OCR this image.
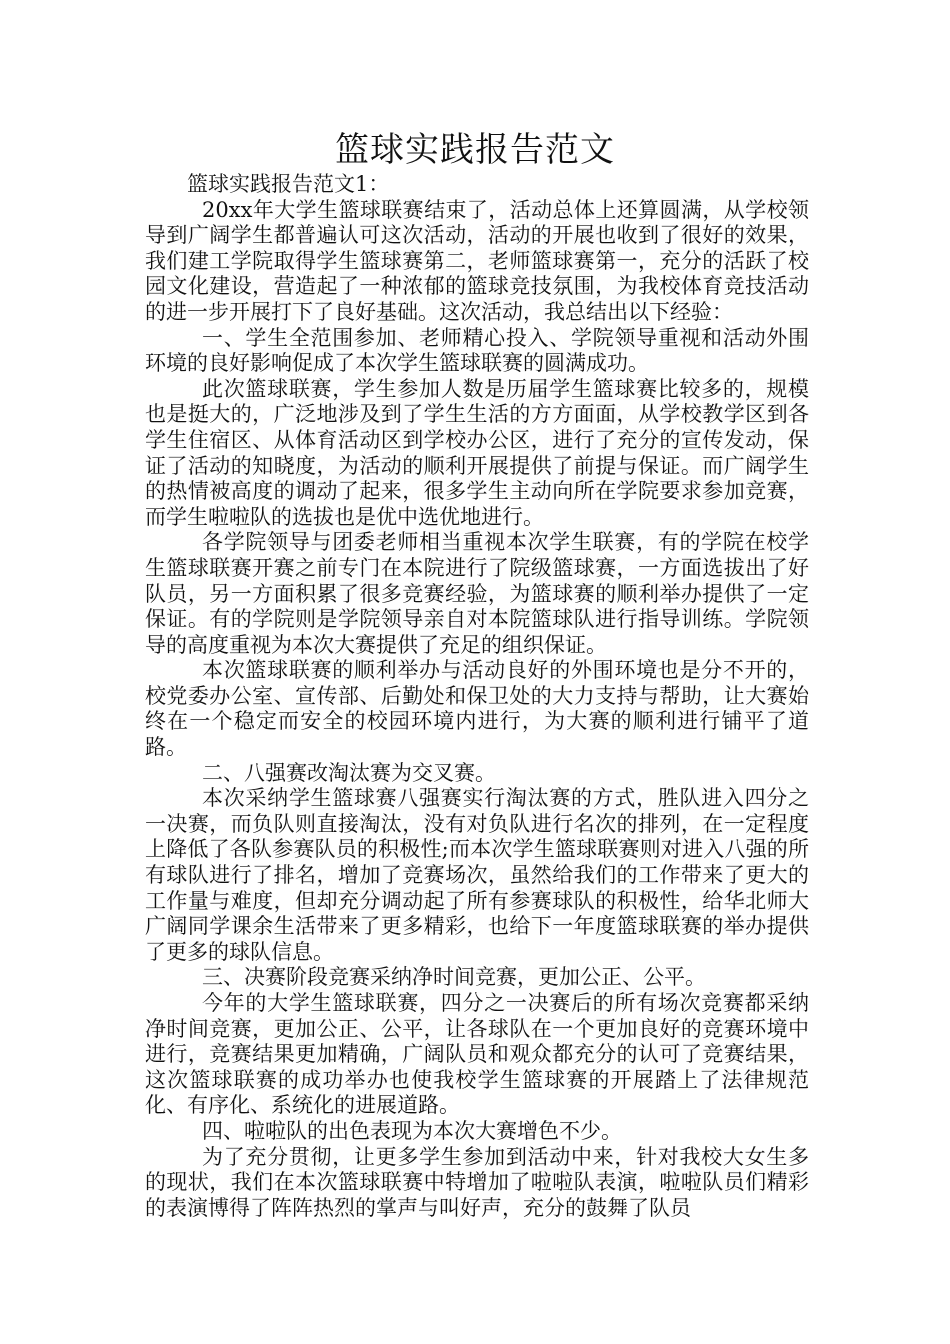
篮球实践报告范文

篮球实践报告范文1：

20xx年大学生篮球联赛结束了，活动总体上还算圆满，从学校领导到广阔学生都普遍认可这次活动，活动的开展也收到了很好的效果，我们建工学院取得学生篮球赛第二，老师篮球赛第一，充分的活跃了校园文化建设，营造起了一种浓郁的篮球竞技氛围，为我校体育竞技活动的进一步开展打下了良好基础。这次活动，我总结出以下经验：

一、学生全范围参加、老师精心投入、学院领导重视和活动外围环境的良好影响促成了本次学生篮球联赛的圆满成功。

此次篮球联赛，学生参加人数是历届学生篮球赛比较多的，规模也是挺大的，广泛地涉及到了学生生活的方方面面，从学校教学区到各学生住宿区、从体育活动区到学校办公区，进行了充分的宣传发动，保证了活动的知晓度，为活动的顺利开展提供了前提与保证。而广阔学生的热情被高度的调动了起来，很多学生主动向所在学院要求参加竞赛，而学生啦啦队的选拔也是优中选优地进行。

各学院领导与团委老师相当重视本次学生联赛，有的学院在校学生篮球联赛开赛之前专门在本院进行了院级篮球赛，一方面选拔出了好队员，另一方面积累了很多竞赛经验，为篮球赛的顺利举办提供了一定保证。有的学院则是学院领导亲自对本院篮球队进行指导训练。学院领导的高度重视为本次大赛提供了充足的组织保证。

本次篮球联赛的顺利举办与活动良好的外围环境也是分不开的，校党委办公室、宣传部、后勤处和保卫处的大力支持与帮助，让大赛始终在一个稳定而安全的校园环境内进行，为大赛的顺利进行铺平了道路。

二、八强赛改淘汰赛为交叉赛。

本次采纳学生篮球赛八强赛实行淘汰赛的方式，胜队进入四分之一决赛，而负队则直接淘汰，没有对负队进行名次的排列，在一定程度上降低了各队参赛队员的积极性;而本次学生篮球联赛则对进入八强的所有球队进行了排名，增加了竞赛场次，虽然给我们的工作带来了更大的工作量与难度，但却充分调动起了所有参赛球队的积极性，给华北师大广阔同学课余生活带来了更多精彩，也给下一年度篮球联赛的举办提供了更多的球队信息。

三、决赛阶段竞赛采纳净时间竞赛，更加公正、公平。

今年的大学生篮球联赛，四分之一决赛后的所有场次竞赛都采纳净时间竞赛，更加公正、公平，让各球队在一个更加良好的竞赛环境中进行，竞赛结果更加精确，广阔队员和观众都充分的认可了竞赛结果，这次篮球联赛的成功举办也使我校学生篮球赛的开展踏上了法律规范化、有序化、系统化的进展道路。

四、啦啦队的出色表现为本次大赛增色不少。

为了充分贯彻，让更多学生参加到活动中来，针对我校大女生多的现状，我们在本次篮球联赛中特增加了啦啦队表演，啦啦队员们精彩的表演博得了阵阵热烈的掌声与叫好声，充分的鼓舞了队员
